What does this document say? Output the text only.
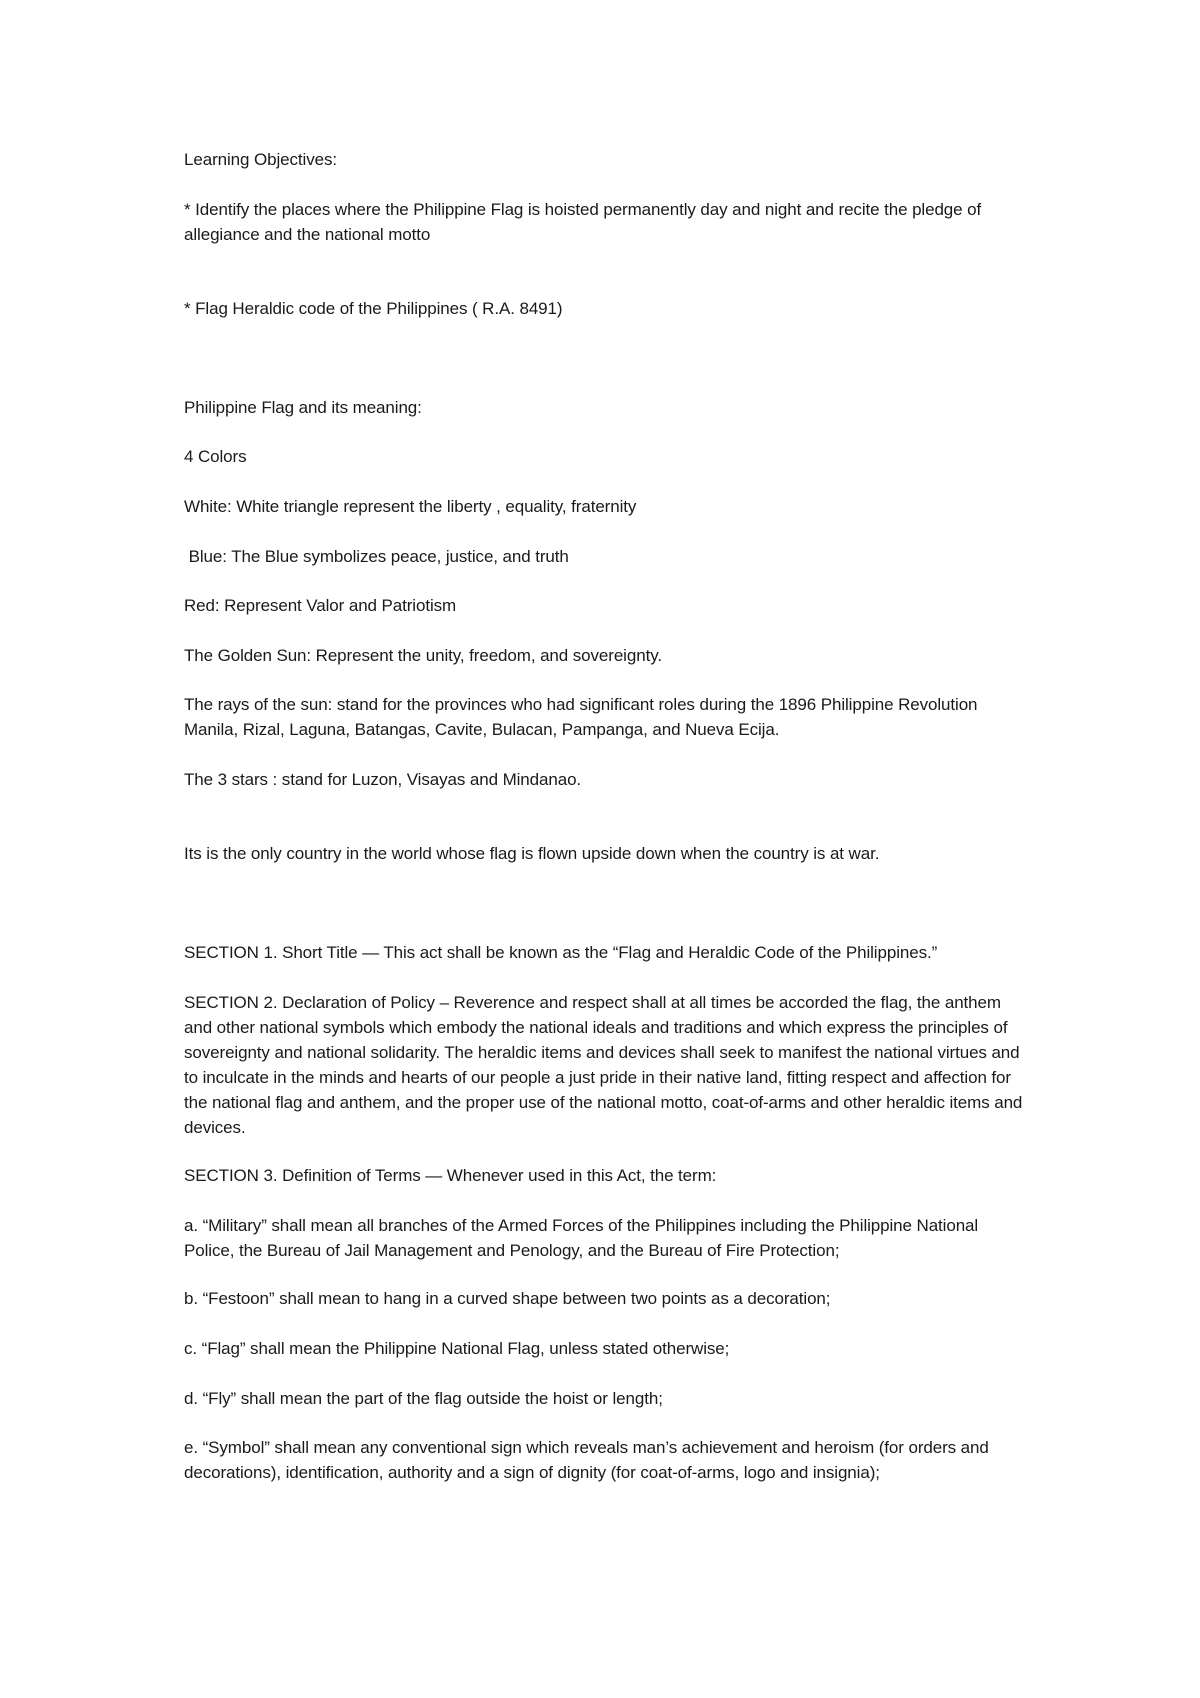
Learning Objectives:

* Identify the places where the Philippine Flag is hoisted permanently day and night and recite the pledge of allegiance and the national motto

* Flag Heraldic code of the Philippines ( R.A. 8491)

Philippine Flag and its meaning:

4 Colors

White: White triangle represent the liberty , equality, fraternity

Blue: The Blue symbolizes peace, justice, and truth

Red: Represent Valor and Patriotism

The Golden Sun: Represent the unity, freedom, and sovereignty.

The rays of the sun: stand for the provinces who had significant roles during the 1896 Philippine Revolution Manila, Rizal, Laguna, Batangas, Cavite, Bulacan, Pampanga, and Nueva Ecija.

The 3 stars : stand for Luzon, Visayas and Mindanao.

Its is the only country in the world whose flag is flown upside down when the country is at war.

SECTION 1. Short Title — This act shall be known as the “Flag and Heraldic Code of the Philippines.”

SECTION 2. Declaration of Policy – Reverence and respect shall at all times be accorded the flag, the anthem and other national symbols which embody the national ideals and traditions and which express the principles of sovereignty and national solidarity. The heraldic items and devices shall seek to manifest the national virtues and to inculcate in the minds and hearts of our people a just pride in their native land, fitting respect and affection for the national flag and anthem, and the proper use of the national motto, coat-of-arms and other heraldic items and devices.

SECTION 3. Definition of Terms — Whenever used in this Act, the term:

a. “Military” shall mean all branches of the Armed Forces of the Philippines including the Philippine National Police, the Bureau of Jail Management and Penology, and the Bureau of Fire Protection;

b. “Festoon” shall mean to hang in a curved shape between two points as a decoration;

c. “Flag” shall mean the Philippine National Flag, unless stated otherwise;

d. “Fly” shall mean the part of the flag outside the hoist or length;

e. “Symbol” shall mean any conventional sign which reveals man’s achievement and heroism (for orders and decorations), identification, authority and a sign of dignity (for coat-of-arms, logo and insignia);
